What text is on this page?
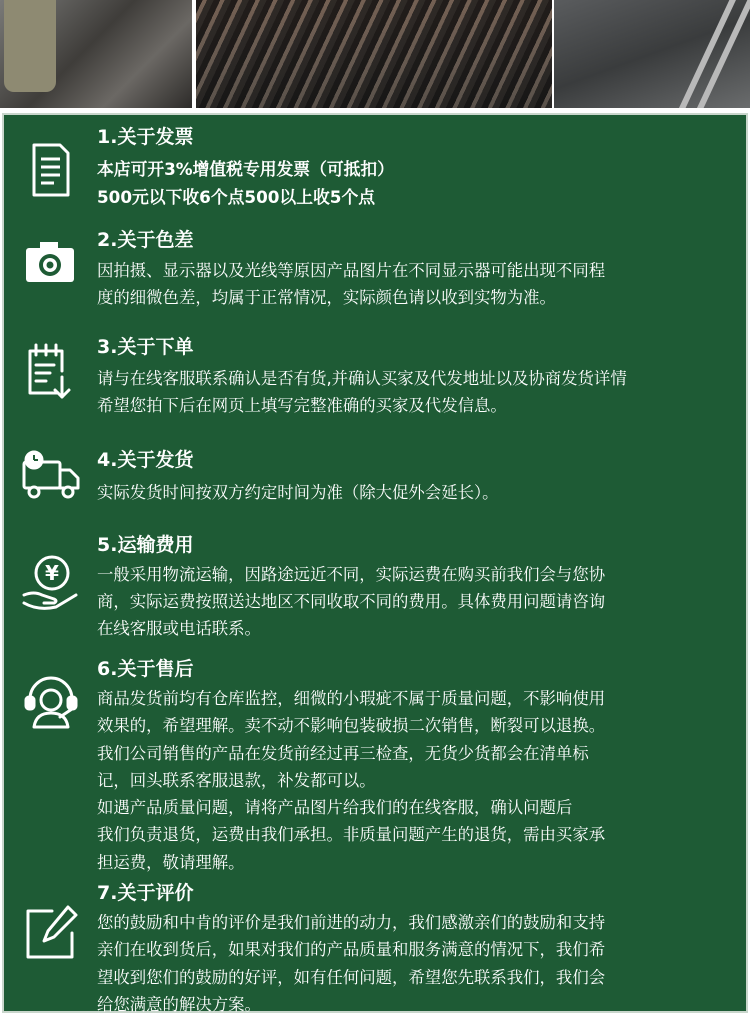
1.关于发票
本店可开3%增值税专用发票（可抵扣）
500元以下收6个点500以上收5个点
2.关于色差
因拍摄、显示器以及光线等原因产品图片在不同显示器可能出现不同程
度的细微色差，均属于正常情况，实际颜色请以收到实物为准。
3.关于下单
请与在线客服联系确认是否有货,并确认买家及代发地址以及协商发货详情
希望您拍下后在网页上填写完整准确的买家及代发信息。
4.关于发货
实际发货时间按双方约定时间为准（除大促外会延长）。
¥
5.运输费用
一般采用物流运输，因路途远近不同，实际运费在购买前我们会与您协
商，实际运费按照送达地区不同收取不同的费用。具体费用问题请咨询
在线客服或电话联系。
6.关于售后
商品发货前均有仓库监控，细微的小瑕疵不属于质量问题，不影响使用
效果的，希望理解。卖不动不影响包装破损二次销售，断裂可以退换。
我们公司销售的产品在发货前经过再三检查，无货少货都会在清单标
记，回头联系客服退款，补发都可以。
如遇产品质量问题，请将产品图片给我们的在线客服，确认问题后
我们负责退货，运费由我们承担。非质量问题产生的退货，需由买家承
担运费，敬请理解。
7.关于评价
您的鼓励和中肯的评价是我们前进的动力，我们感激亲们的鼓励和支持
亲们在收到货后，如果对我们的产品质量和服务满意的情况下，我们希
望收到您们的鼓励的好评，如有任何问题，希望您先联系我们，我们会
给您满意的解决方案。
